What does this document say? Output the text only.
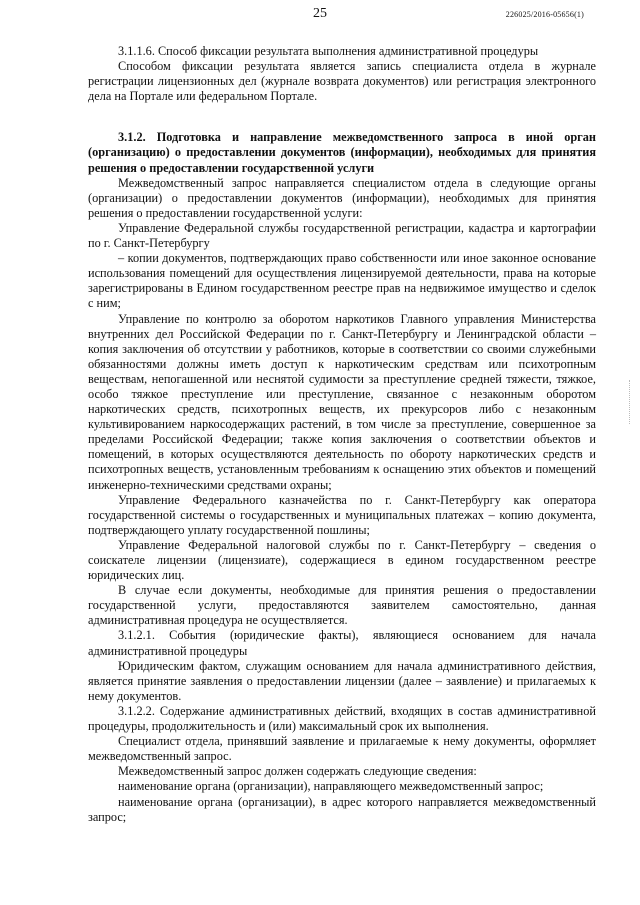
25	226025/2016-05656(1)

3.1.1.6. Способ фиксации результата выполнения административной процедуры

Способом фиксации результата является запись специалиста отдела в журнале регистрации лицензионных дел (журнале возврата документов) или регистрация электронного дела на Портале или федеральном Портале.

3.1.2. Подготовка и направление межведомственного запроса в иной орган (организацию) о предоставлении документов (информации), необходимых для принятия решения о предоставлении государственной услуги

Межведомственный запрос направляется специалистом отдела в следующие органы (организации) о предоставлении документов (информации), необходимых для принятия решения о предоставлении государственной услуги:

Управление Федеральной службы государственной регистрации, кадастра и картографии по г. Санкт-Петербургу

– копии документов, подтверждающих право собственности или иное законное основание использования помещений для осуществления лицензируемой деятельности, права на которые зарегистрированы в Едином государственном реестре прав на недвижимое имущество и сделок с ним;

Управление по контролю за оборотом наркотиков Главного управления Министерства внутренних дел Российской Федерации по г. Санкт-Петербургу и Ленинградской области – копия заключения об отсутствии у работников, которые в соответствии со своими служебными обязанностями должны иметь доступ к наркотическим средствам или психотропным веществам, непогашенной или неснятой судимости за преступление средней тяжести, тяжкое, особо тяжкое преступление или преступление, связанное с незаконным оборотом наркотических средств, психотропных веществ, их прекурсоров либо с незаконным культивированием наркосодержащих растений, в том числе за преступление, совершенное за пределами Российской Федерации; также копия заключения о соответствии объектов и помещений, в которых осуществляются деятельность по обороту наркотических средств и психотропных веществ, установленным требованиям к оснащению этих объектов и помещений инженерно-техническими средствами охраны;

Управление Федерального казначейства по г. Санкт-Петербургу как оператора государственной системы о государственных и муниципальных платежах – копию документа, подтверждающего уплату государственной пошлины;

Управление Федеральной налоговой службы по г. Санкт-Петербургу – сведения о соискателе лицензии (лицензиате), содержащиеся в едином государственном реестре юридических лиц.

В случае если документы, необходимые для принятия решения о предоставлении государственной услуги, предоставляются заявителем самостоятельно, данная административная процедура не осуществляется.

3.1.2.1. События (юридические факты), являющиеся основанием для начала административной процедуры

Юридическим фактом, служащим основанием для начала административного действия, является принятие заявления о предоставлении лицензии (далее – заявление) и прилагаемых к нему документов.

3.1.2.2. Содержание административных действий, входящих в состав административной процедуры, продолжительность и (или) максимальный срок их выполнения.

Специалист отдела, принявший заявление и прилагаемые к нему документы, оформляет межведомственный запрос.

Межведомственный запрос должен содержать следующие сведения:

наименование органа (организации), направляющего межведомственный запрос;

наименование органа (организации), в адрес которого направляется межведомственный запрос;
